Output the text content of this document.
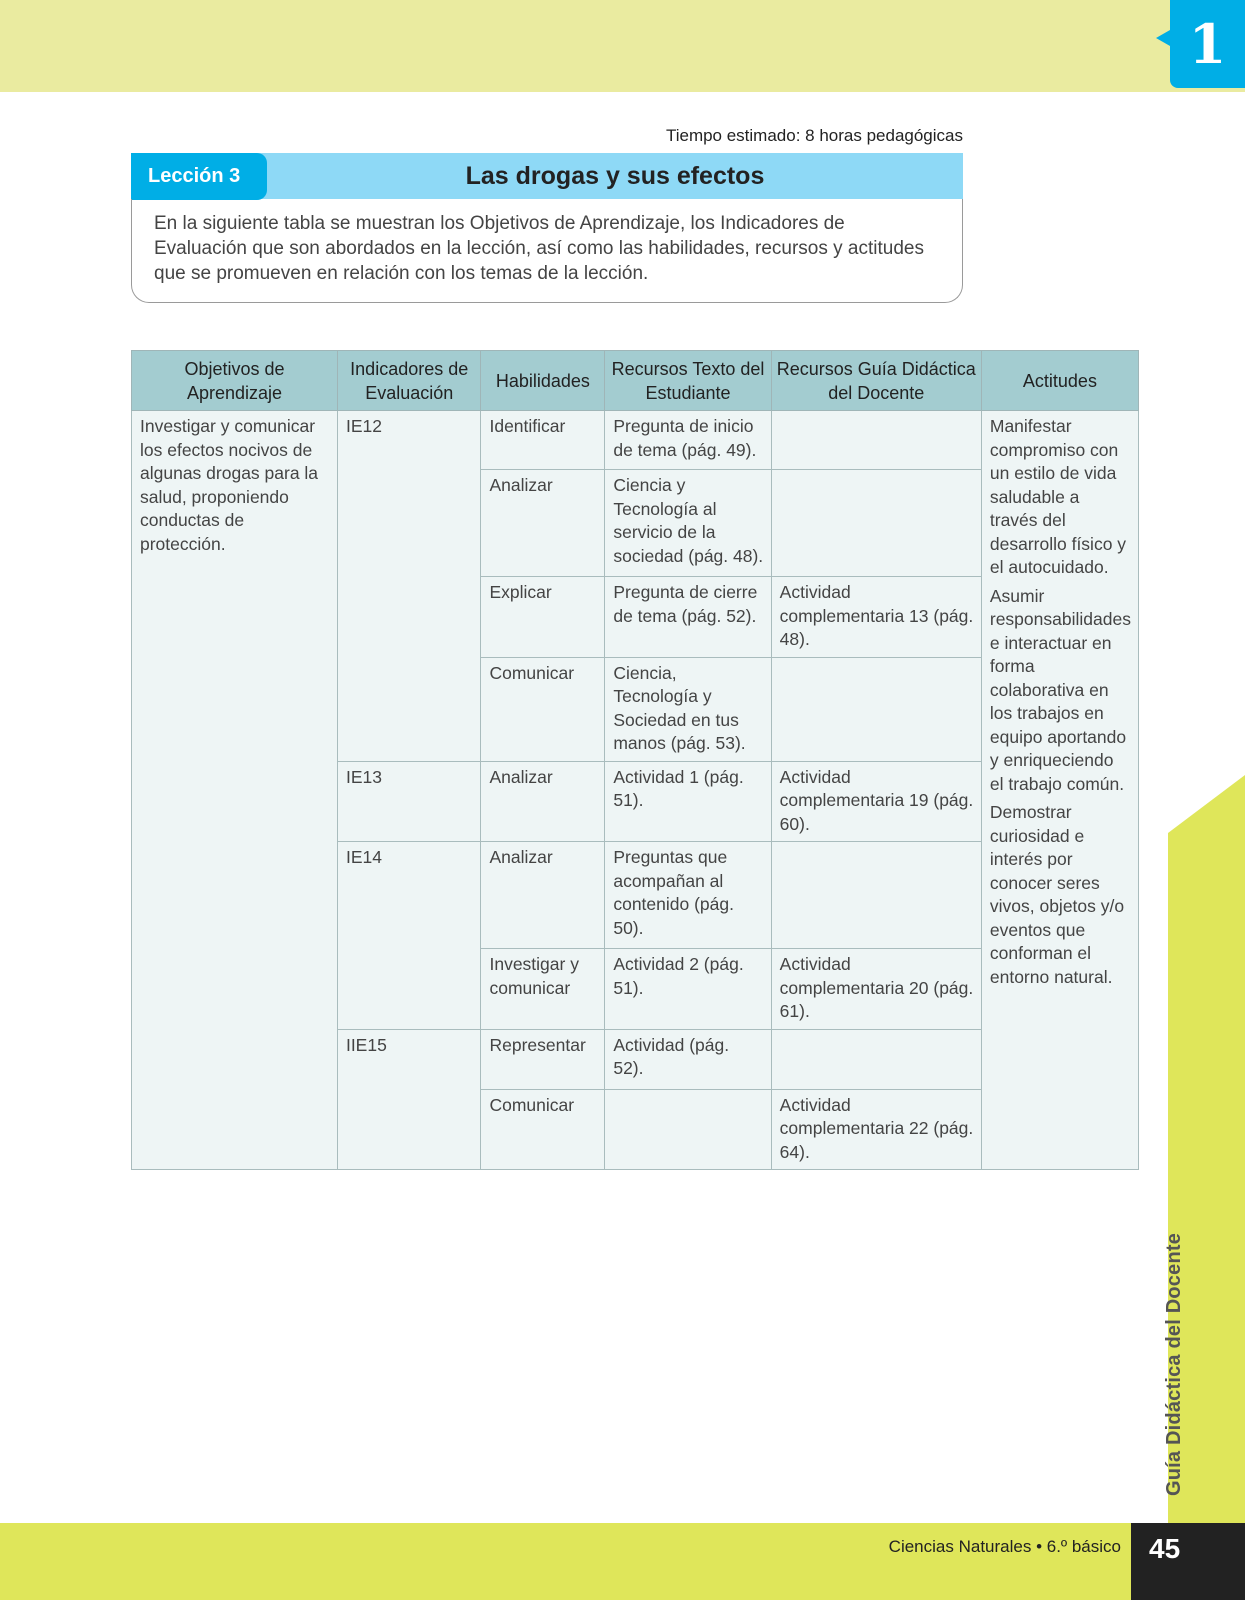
1
Tiempo estimado: 8 horas pedagógicas
Lección 3	Las drogas y sus efectos
En la siguiente tabla se muestran los Objetivos de Aprendizaje, los Indicadores de Evaluación que son abordados en la lección, así como las habilidades, recursos y actitudes que se promueven en relación con los temas de la lección.
Objetivos de Aprendizaje	Indicadores de Evaluación	Habilidades	Recursos Texto del Estudiante	Recursos Guía Didáctica del Docente	Actitudes
Investigar y comunicar los efectos nocivos de algunas drogas para la salud, proponiendo conductas de protección.	IE12	Identificar	Pregunta de inicio de tema (pág. 49).		Manifestar compromiso con un estilo de vida saludable a través del desarrollo físico y el autocuidado.

Asumir responsabilidades e interactuar en forma colaborativa en los trabajos en equipo aportando y enriqueciendo el trabajo común.

Demostrar curiosidad e interés por conocer seres vivos, objetos y/o eventos que conforman el entorno natural.

		Analizar	Ciencia y Tecnología al servicio de la sociedad (pág. 48).		
		Explicar	Pregunta de cierre de tema (pág. 52).	Actividad complementaria 13 (pág. 48).	
		Comunicar	Ciencia, Tecnología y Sociedad en tus manos (pág. 53).		
	IE13	Analizar	Actividad 1 (pág. 51).	Actividad complementaria 19 (pág. 60).	
	IE14	Analizar	Preguntas que acompañan al contenido (pág. 50).		
		Investigar y comunicar	Actividad 2 (pág. 51).	Actividad complementaria 20 (pág. 61).	
	IIE15	Representar	Actividad (pág. 52).		
		Comunicar		Actividad complementaria 22 (pág. 64).	
Guía Didáctica del Docente
Ciencias Naturales • 6.º básico	45
